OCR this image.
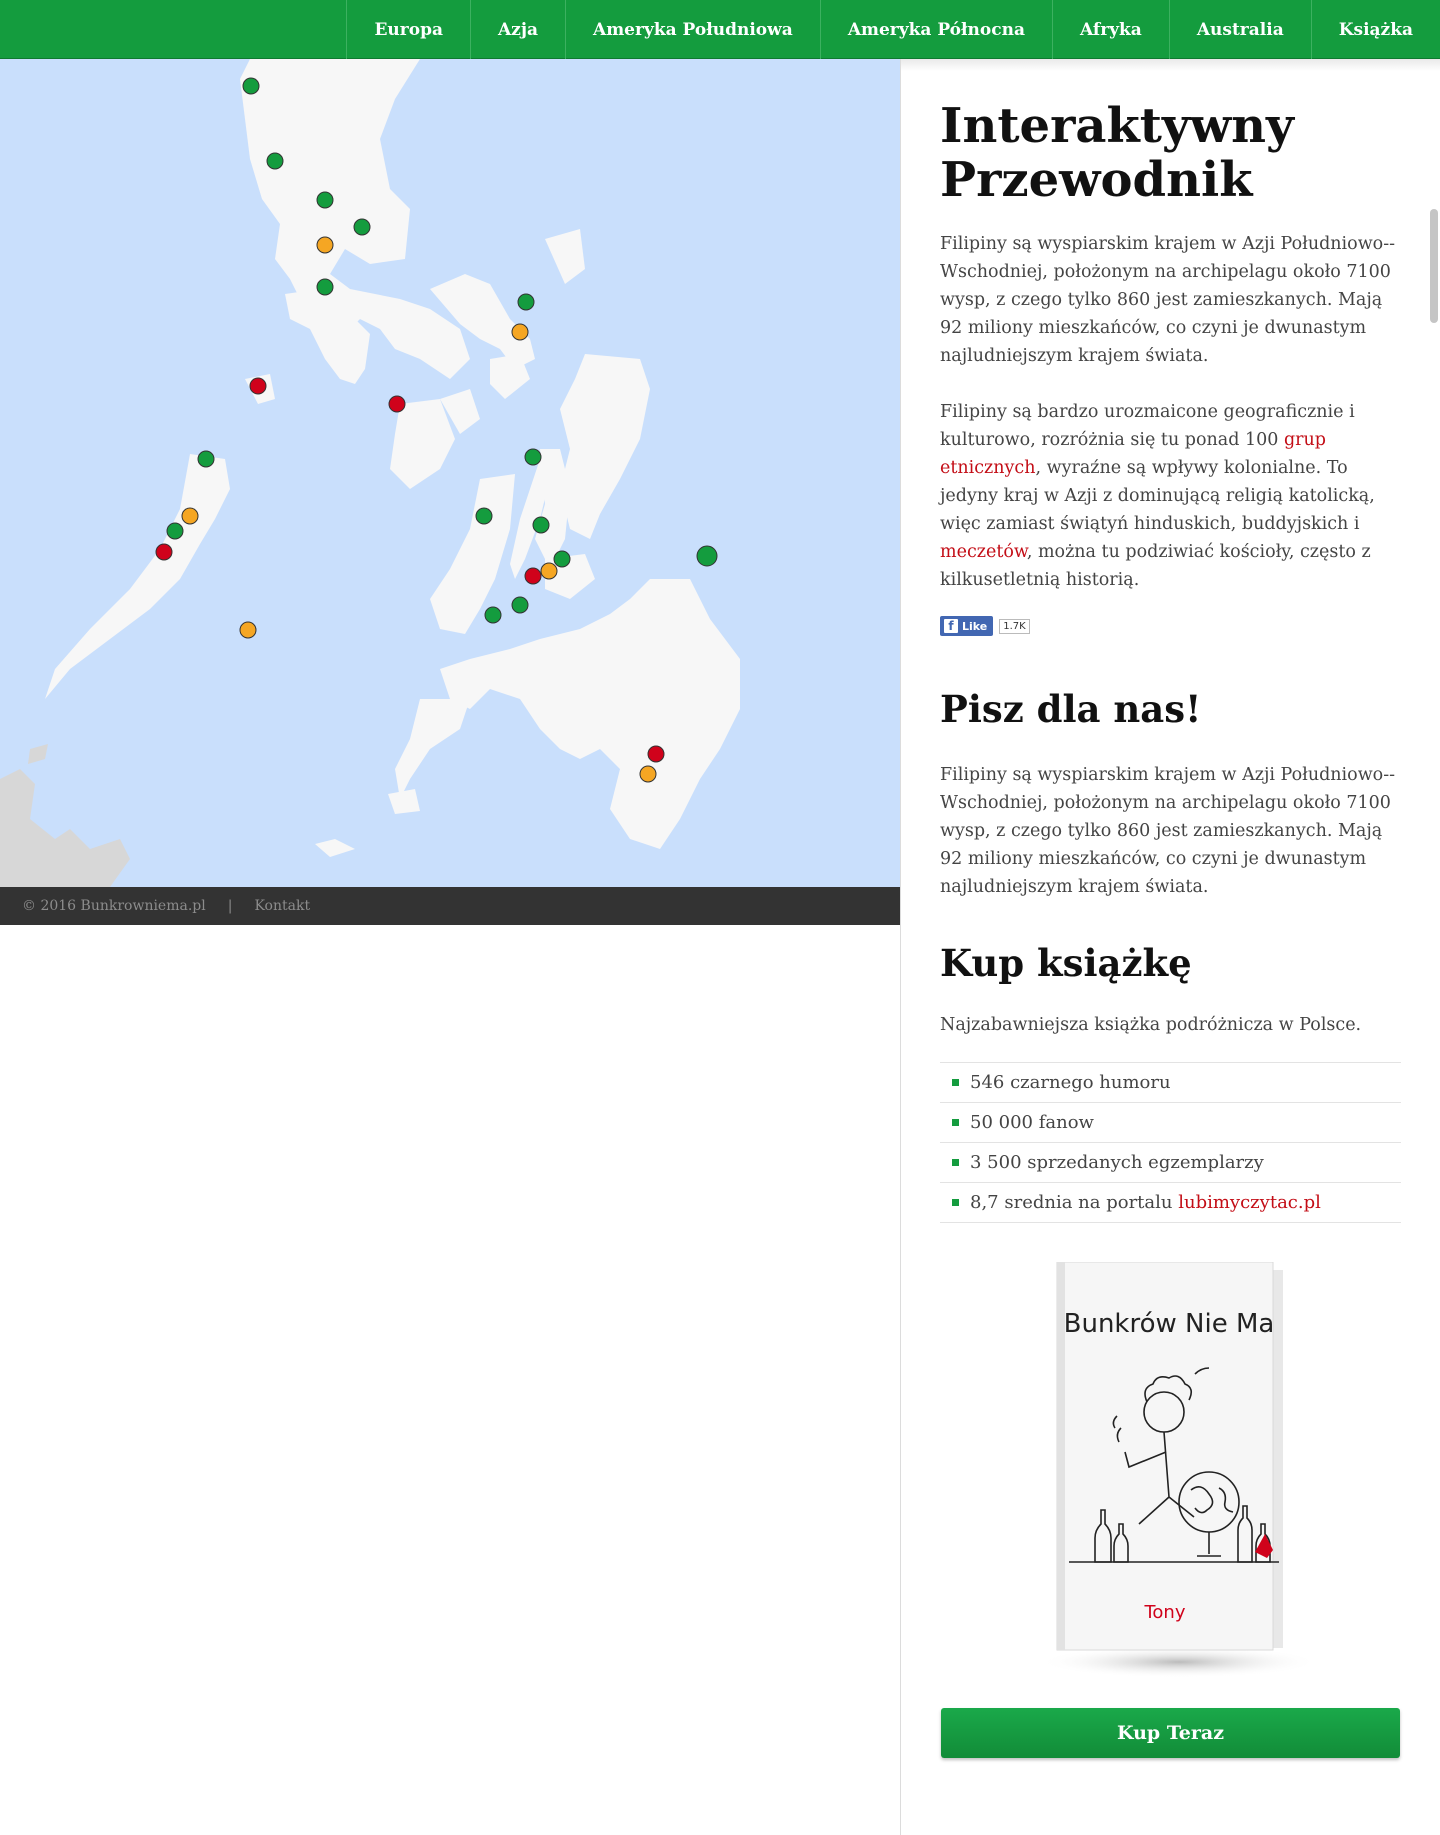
Europa	Azja	Ameryka Południowa	Ameryka Północna	Afryka	Australia	Książka
© 2016 Bunkrowniema.pl | Kontakt
Interaktywny Przewodnik

Filipiny są wyspiarskim krajem w Azji Południowo-Wschodniej, położonym na archipelagu około 7100 wysp, z czego tylko 860 jest zamieszkanych. Mają 92 miliony mieszkańców, co czyni je dwunastym najludniejszym krajem świata.

Filipiny są bardzo urozmaicone geograficznie i kulturowo, rozróżnia się tu ponad 100 grup etnicznych, wyraźne są wpływy kolonialne. To jedyny kraj w Azji z dominującą religią katolicką, więc zamiast świątyń hinduskich, buddyjskich i meczetów, można tu podziwiać kościoły, często z kilkusetletnią historią.

f Like	1.7K
Pisz dla nas!

Filipiny są wyspiarskim krajem w Azji Południowo-Wschodniej, położonym na archipelagu około 7100 wysp, z czego tylko 860 jest zamieszkanych. Mają 92 miliony mieszkańców, co czyni je dwunastym najludniejszym krajem świata.

Kup książkę

Najzabawniejsza książka podróżnicza w Polsce.

546 czarnego humoru
50 000 fanow
3 500 sprzedanych egzemplarzy
8,7 srednia na portalu
lubimyczytac.pl
Bunkrów Nie Ma
Tony
Kup Teraz
